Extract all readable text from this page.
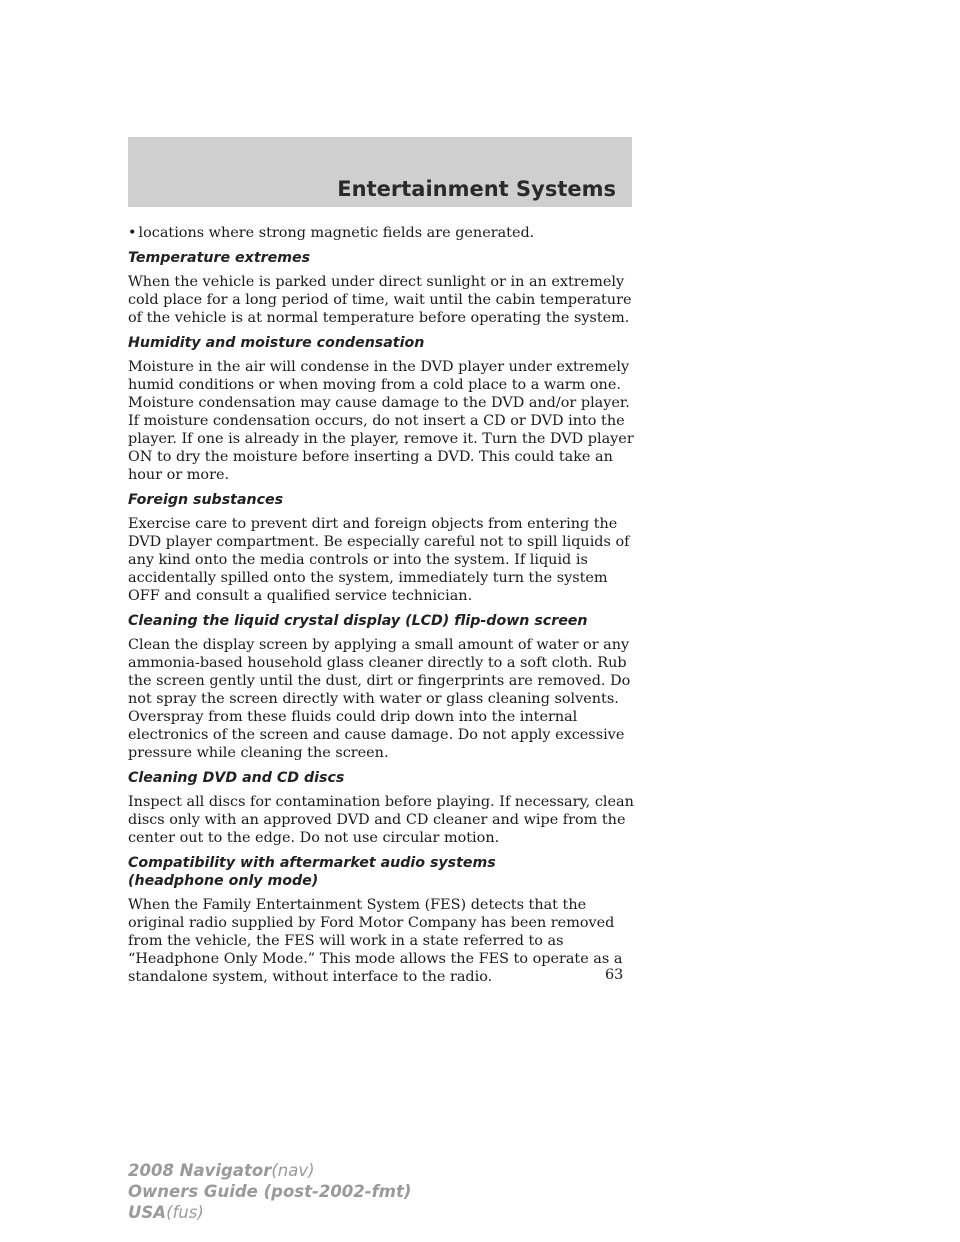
Entertainment Systems
• locations where strong magnetic fields are generated.
Temperature extremes

When the vehicle is parked under direct sunlight or in an extremely cold place for a long period of time, wait until the cabin temperature of the vehicle is at normal temperature before operating the system.

Humidity and moisture condensation

Moisture in the air will condense in the DVD player under extremely humid conditions or when moving from a cold place to a warm one. Moisture condensation may cause damage to the DVD and/or player. If moisture condensation occurs, do not insert a CD or DVD into the player. If one is already in the player, remove it. Turn the DVD player ON to dry the moisture before inserting a DVD. This could take an hour or more.

Foreign substances

Exercise care to prevent dirt and foreign objects from entering the DVD player compartment. Be especially careful not to spill liquids of any kind onto the media controls or into the system. If liquid is accidentally spilled onto the system, immediately turn the system OFF and consult a qualified service technician.

Cleaning the liquid crystal display (LCD) flip-down screen

Clean the display screen by applying a small amount of water or any ammonia-based household glass cleaner directly to a soft cloth. Rub the screen gently until the dust, dirt or fingerprints are removed. Do not spray the screen directly with water or glass cleaning solvents. Overspray from these fluids could drip down into the internal electronics of the screen and cause damage. Do not apply excessive pressure while cleaning the screen.

Cleaning DVD and CD discs

Inspect all discs for contamination before playing. If necessary, clean discs only with an approved DVD and CD cleaner and wipe from the center out to the edge. Do not use circular motion.

Compatibility with aftermarket audio systems
(headphone only mode)

When the Family Entertainment System (FES) detects that the original radio supplied by Ford Motor Company has been removed from the vehicle, the FES will work in a state referred to as “Headphone Only Mode.” This mode allows the FES to operate as a standalone system, without interface to the radio.	63

2008 Navigator(nav)
Owners Guide (post-2002-fmt)
USA(fus)
